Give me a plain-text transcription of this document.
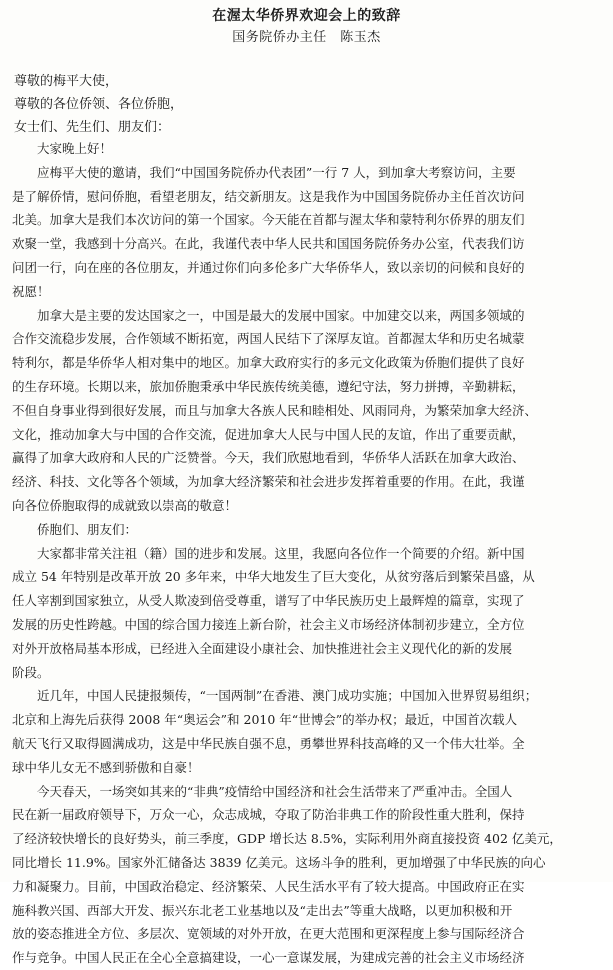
在渥太华侨界欢迎会上的致辞
国务院侨办主任　陈玉杰
尊敬的梅平大使，
尊敬的各位侨领、各位侨胞，
女士们、先生们、朋友们：

大家晚上好！

应梅平大使的邀请，我们“中国国务院侨办代表团”一行 7 人，到加拿大考察访问，主要
是了解侨情，慰问侨胞，看望老朋友，结交新朋友。这是我作为中国国务院侨办主任首次访问
北美。加拿大是我们本次访问的第一个国家。今天能在首都与渥太华和蒙特利尔侨界的朋友们
欢聚一堂，我感到十分高兴。在此，我谨代表中华人民共和国国务院侨务办公室，代表我们访
问团一行，向在座的各位朋友，并通过你们向多伦多广大华侨华人，致以亲切的问候和良好的
祝愿！

加拿大是主要的发达国家之一，中国是最大的发展中国家。中加建交以来，两国多领域的
合作交流稳步发展，合作领域不断拓宽，两国人民结下了深厚友谊。首都渥太华和历史名城蒙
特利尔，都是华侨华人相对集中的地区。加拿大政府实行的多元文化政策为侨胞们提供了良好
的生存环境。长期以来，旅加侨胞秉承中华民族传统美德，遵纪守法，努力拼搏，辛勤耕耘，
不但自身事业得到很好发展，而且与加拿大各族人民和睦相处、风雨同舟，为繁荣加拿大经济、
文化，推动加拿大与中国的合作交流，促进加拿大人民与中国人民的友谊，作出了重要贡献，
赢得了加拿大政府和人民的广泛赞誉。今天，我们欣慰地看到，华侨华人活跃在加拿大政治、
经济、科技、文化等各个领域，为加拿大经济繁荣和社会进步发挥着重要的作用。在此，我谨
向各位侨胞取得的成就致以崇高的敬意！

侨胞们、朋友们：

大家都非常关注祖（籍）国的进步和发展。这里，我愿向各位作一个简要的介绍。新中国
成立 54 年特别是改革开放 20 多年来，中华大地发生了巨大变化，从贫穷落后到繁荣昌盛，从
任人宰割到国家独立，从受人欺凌到倍受尊重，谱写了中华民族历史上最辉煌的篇章，实现了
发展的历史性跨越。中国的综合国力接连上新台阶，社会主义市场经济体制初步建立，全方位
对外开放格局基本形成，已经进入全面建设小康社会、加快推进社会主义现代化的新的发展
阶段。

近几年，中国人民捷报频传，“一国两制”在香港、澳门成功实施；中国加入世界贸易组织；
北京和上海先后获得 2008 年“奥运会”和 2010 年“世博会”的举办权；最近，中国首次载人
航天飞行又取得圆满成功，这是中华民族自强不息，勇攀世界科技高峰的又一个伟大壮举。全
球中华儿女无不感到骄傲和自豪！

今天春天，一场突如其来的“非典”疫情给中国经济和社会生活带来了严重冲击。全国人
民在新一届政府领导下，万众一心，众志成城，夺取了防治非典工作的阶段性重大胜利，保持
了经济较快增长的良好势头，前三季度，GDP 增长达 8.5%，实际利用外商直接投资 402 亿美元，
同比增长 11.9%。国家外汇储备达 3839 亿美元。这场斗争的胜利，更加增强了中华民族的向心
力和凝聚力。目前，中国政治稳定、经济繁荣、人民生活水平有了较大提高。中国政府正在实
施科教兴国、西部大开发、振兴东北老工业基地以及“走出去”等重大战略，以更加积极和开
放的姿态推进全方位、多层次、宽领域的对外开放，在更大范围和更深程度上参与国际经济合
作与竞争。中国人民正在全心全意搞建设，一心一意谋发展，为建成完善的社会主义市场经济
